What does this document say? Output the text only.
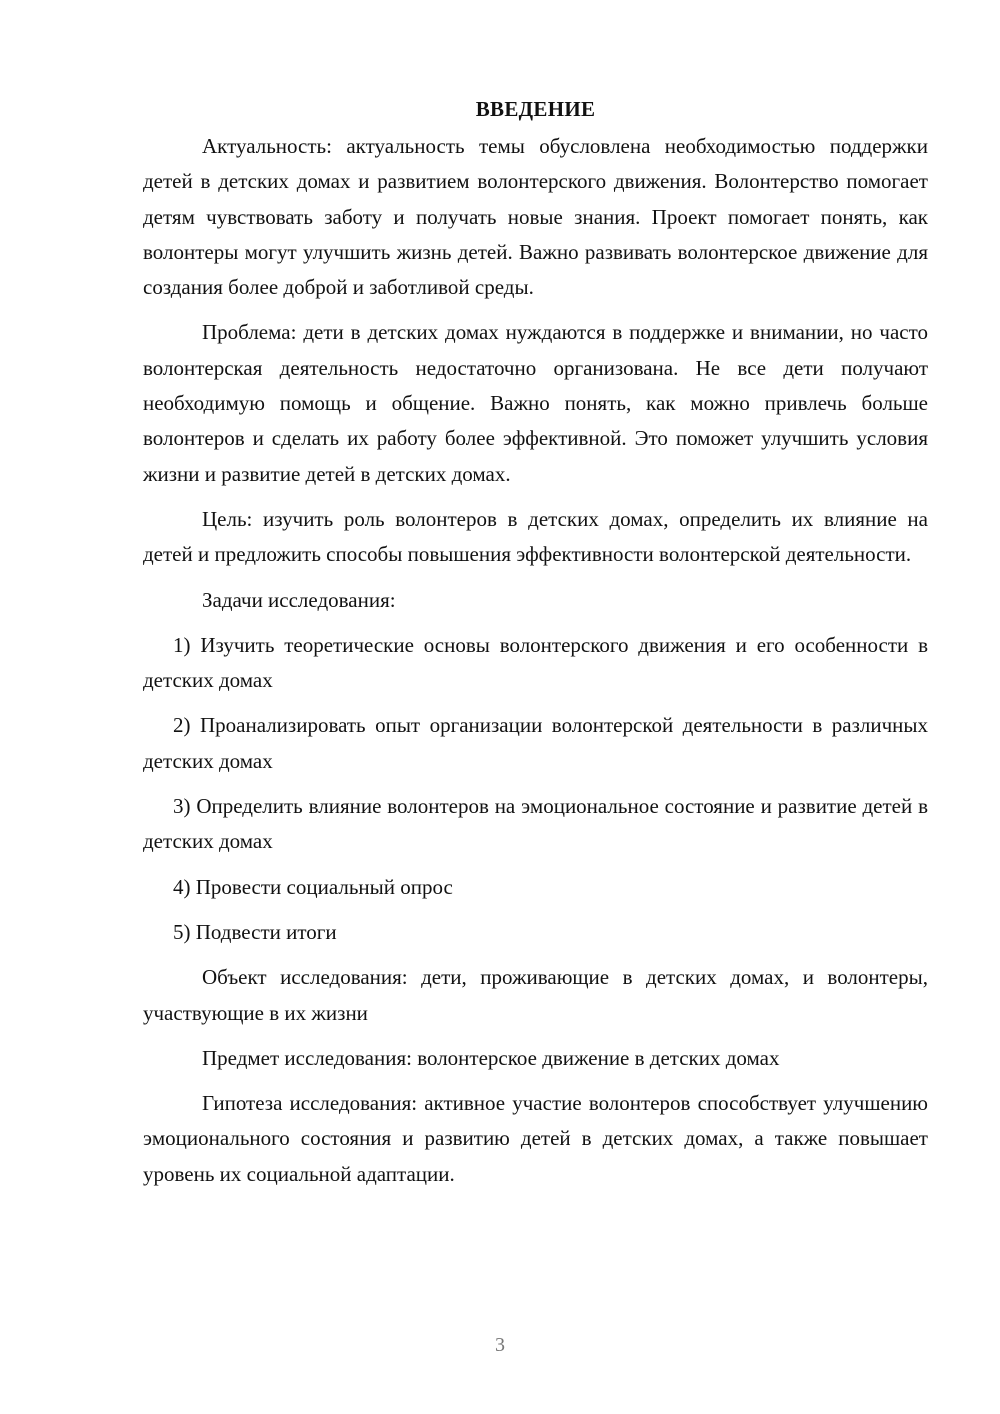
ВВЕДЕНИЕ

Актуальность: актуальность темы обусловлена необходимостью поддержки детей в детских домах и развитием волонтерского движения. Волонтерство помогает детям чувствовать заботу и получать новые знания. Проект помогает понять, как волонтеры могут улучшить жизнь детей. Важно развивать волонтерское движение для создания более доброй и заботливой среды.

Проблема: дети в детских домах нуждаются в поддержке и внимании, но часто волонтерская деятельность недостаточно организована. Не все дети получают необходимую помощь и общение. Важно понять, как можно привлечь больше волонтеров и сделать их работу более эффективной. Это поможет улучшить условия жизни и развитие детей в детских домах.

Цель: изучить роль волонтеров в детских домах, определить их влияние на детей и предложить способы повышения эффективности волонтерской деятельности.

Задачи исследования:

1) Изучить теоретические основы волонтерского движения и его особенности в детских домах

2) Проанализировать опыт организации волонтерской деятельности в различных детских домах

3) Определить влияние волонтеров на эмоциональное состояние и развитие детей в детских домах

4) Провести социальный опрос

5) Подвести итоги

Объект исследования: дети, проживающие в детских домах, и волонтеры, участвующие в их жизни

Предмет исследования: волонтерское движение в детских домах

Гипотеза исследования: активное участие волонтеров способствует улучшению эмоционального состояния и развитию детей в детских домах, а также повышает уровень их социальной адаптации.

3
